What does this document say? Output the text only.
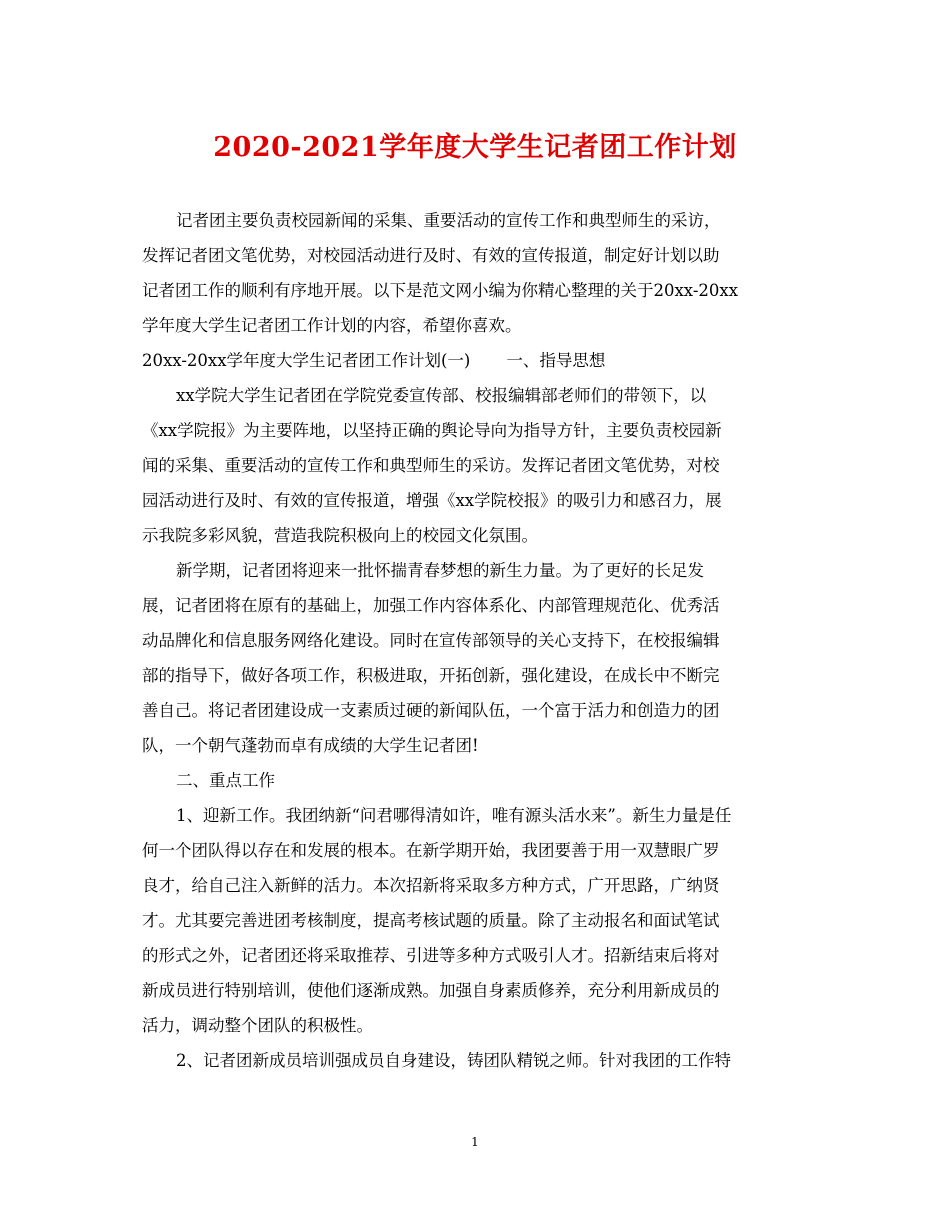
2020-2021学年度大学生记者团工作计划
记者团主要负责校园新闻的采集、重要活动的宣传工作和典型师生的采访，
发挥记者团文笔优势，对校园活动进行及时、有效的宣传报道，制定好计划以助
记者团工作的顺利有序地开展。以下是范文网小编为你精心整理的关于20xx-20xx
学年度大学生记者团工作计划的内容，希望你喜欢。
20xx-20xx学年度大学生记者团工作计划(一) 一、指导思想
xx学院大学生记者团在学院党委宣传部、校报编辑部老师们的带领下，以
《xx学院报》为主要阵地，以坚持正确的舆论导向为指导方针，主要负责校园新
闻的采集、重要活动的宣传工作和典型师生的采访。发挥记者团文笔优势，对校
园活动进行及时、有效的宣传报道，增强《xx学院校报》的吸引力和感召力，展
示我院多彩风貌，营造我院积极向上的校园文化氛围。
新学期，记者团将迎来一批怀揣青春梦想的新生力量。为了更好的长足发
展，记者团将在原有的基础上，加强工作内容体系化、内部管理规范化、优秀活
动品牌化和信息服务网络化建设。同时在宣传部领导的关心支持下，在校报编辑
部的指导下，做好各项工作，积极进取，开拓创新，强化建设，在成长中不断完
善自己。将记者团建设成一支素质过硬的新闻队伍，一个富于活力和创造力的团
队，一个朝气蓬勃而卓有成绩的大学生记者团!
二、重点工作
1、迎新工作。我团纳新“问君哪得清如许，唯有源头活水来”。新生力量是任
何一个团队得以存在和发展的根本。在新学期开始，我团要善于用一双慧眼广罗
良才，给自己注入新鲜的活力。本次招新将采取多方种方式，广开思路，广纳贤
才。尤其要完善进团考核制度，提高考核试题的质量。除了主动报名和面试笔试
的形式之外，记者团还将采取推荐、引进等多种方式吸引人才。招新结束后将对
新成员进行特别培训，使他们逐渐成熟。加强自身素质修养，充分利用新成员的
活力，调动整个团队的积极性。
2、记者团新成员培训强成员自身建设，铸团队精锐之师。针对我团的工作特
1
